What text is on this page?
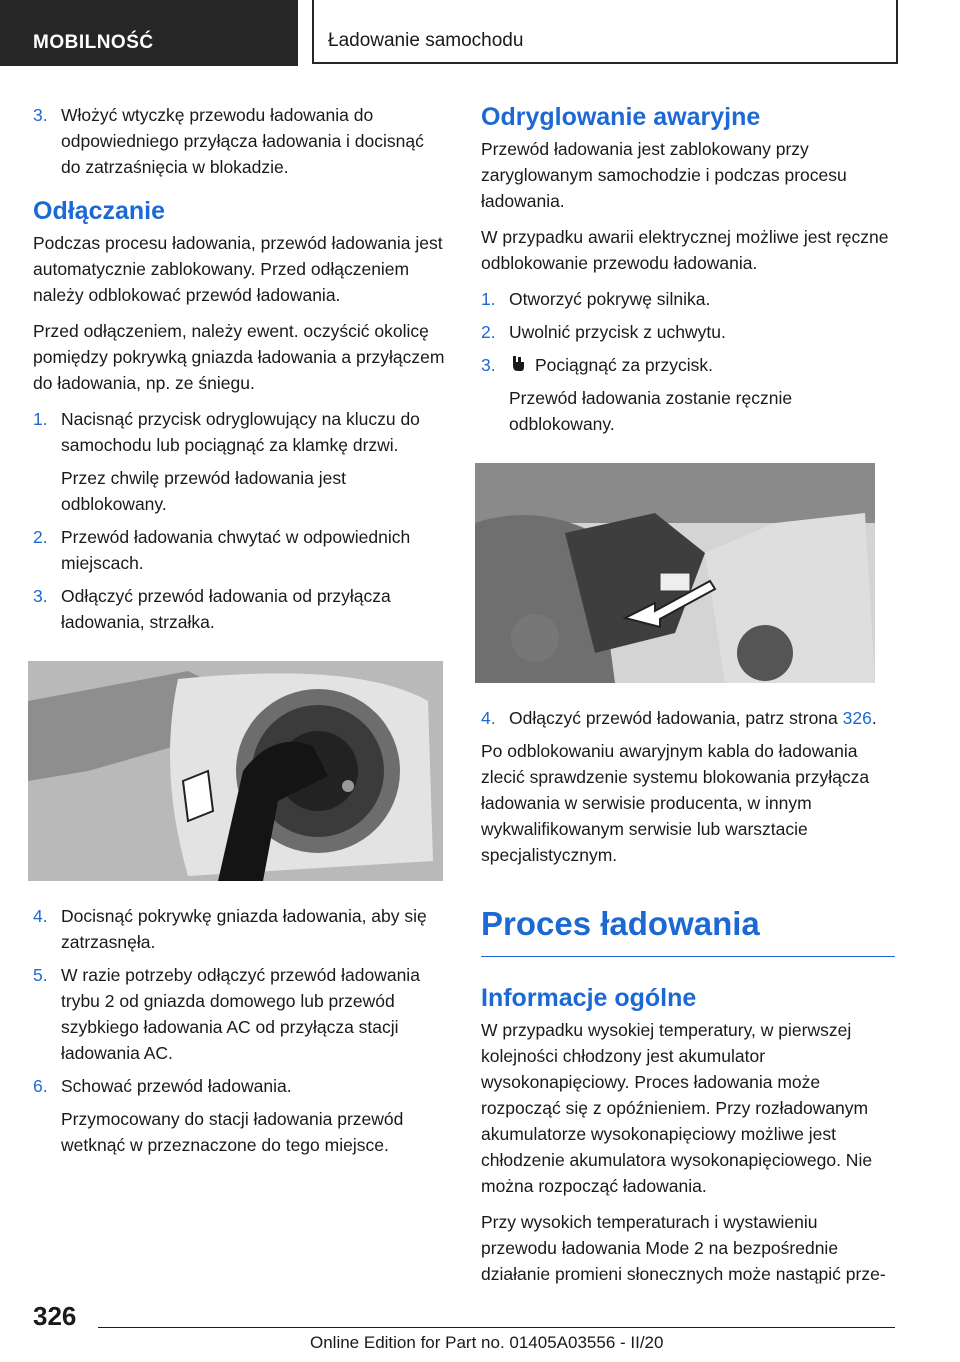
MOBILNOŚĆ	Ładowanie samochodu
3. Włożyć wtyczkę przewodu ładowania do odpowiedniego przyłącza ładowania i docisnąć do zatrzaśnięcia w blokadzie.
Odłączanie

Podczas procesu ładowania, przewód ładowania jest automatycznie zablokowany. Przed odłączeniem należy odblokować przewód ładowania.

Przed odłączeniem, należy ewent. oczyścić okolicę pomiędzy pokrywką gniazda ładowania a przyłączem do ładowania, np. ze śniegu.

1. Nacisnąć przycisk odryglowujący na kluczu do samochodu lub pociągnąć za klamkę drzwi.
Przez chwilę przewód ładowania jest odblokowany.
2. Przewód ładowania chwytać w odpowiednich miejscach.
3. Odłączyć przewód ładowania od przyłącza ładowania, strzałka.
4. Docisnąć pokrywkę gniazda ładowania, aby się zatrzasnęła.
5. W razie potrzeby odłączyć przewód ładowania trybu 2 od gniazda domowego lub przewód szybkiego ładowania AC od przyłącza stacji ładowania AC.
6. Schować przewód ładowania.
Przymocowany do stacji ładowania przewód wetknąć w przeznaczone do tego miejsce.
Odryglowanie awaryjne

Przewód ładowania jest zablokowany przy zaryglowanym samochodzie i podczas procesu ładowania.

W przypadku awarii elektrycznej możliwe jest ręczne odblokowanie przewodu ładowania.

1. Otworzyć pokrywę silnika.
2. Uwolnić przycisk z uchwytu.
3.	Pociągnąć za przycisk.
Przewód ładowania zostanie ręcznie odblokowany.
4. Odłączyć przewód ładowania, patrz strona 326.

Po odblokowaniu awaryjnym kabla do ładowania zlecić sprawdzenie systemu blokowania przyłącza ładowania w serwisie producenta, w innym wykwalifikowanym serwisie lub warsztacie specjalistycznym.

Proces ładowania
Informacje ogólne

W przypadku wysokiej temperatury, w pierwszej kolejności chłodzony jest akumulator wysokonapięciowy. Proces ładowania może rozpocząć się z opóźnieniem. Przy rozładowanym akumulatorze wysokonapięciowy możliwe jest chłodzenie akumulatora wysokonapięciowego. Nie można rozpocząć ładowania.

Przy wysokich temperaturach i wystawieniu przewodu ładowania Mode 2 na bezpośrednie działanie promieni słonecznych może nastąpić prze-

326
Online Edition for Part no. 01405A03556 - II/20
